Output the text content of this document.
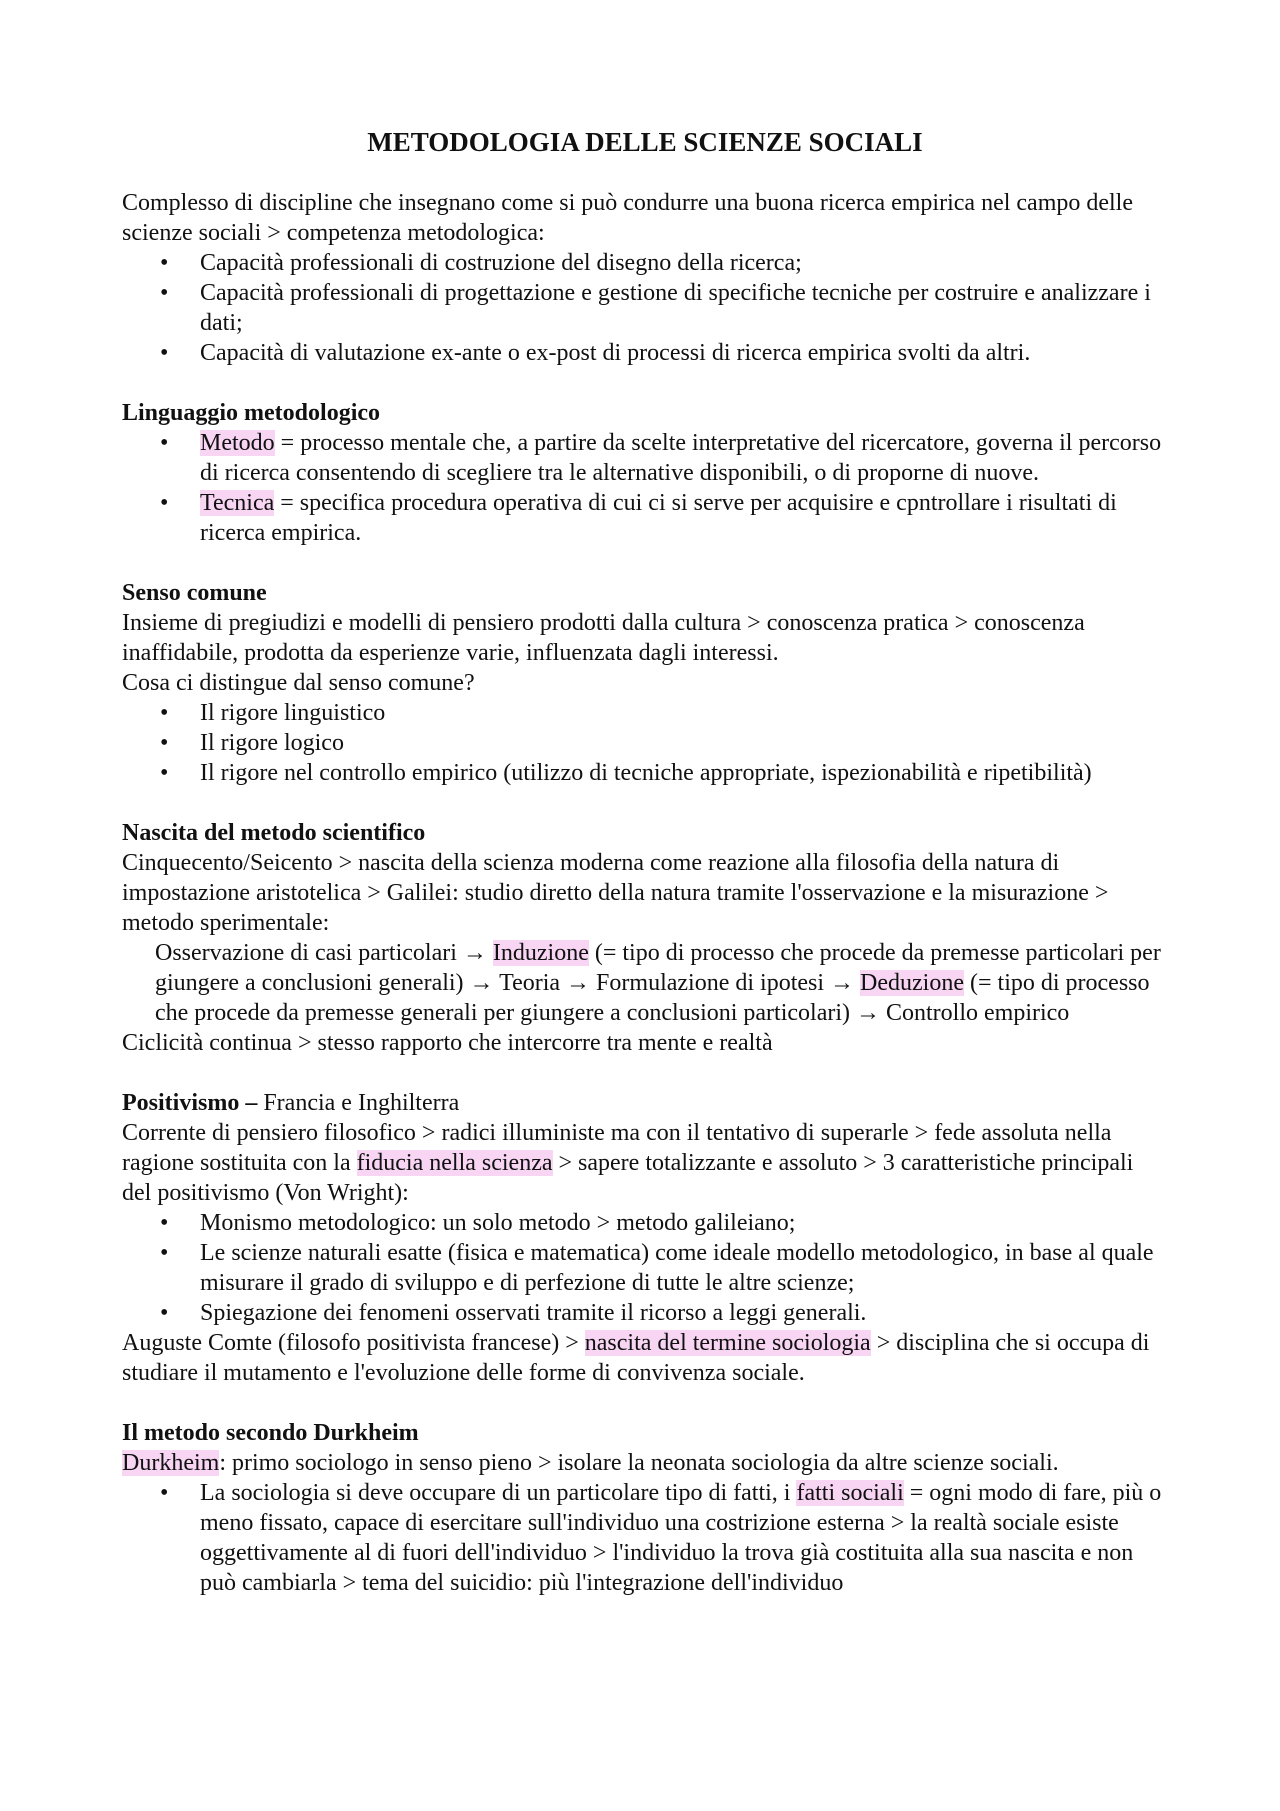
METODOLOGIA DELLE SCIENZE SOCIALI
Complesso di discipline che insegnano come si può condurre una buona ricerca empirica nel campo delle scienze sociali > competenza metodologica:
• Capacità professionali di costruzione del disegno della ricerca;
• Capacità professionali di progettazione e gestione di specifiche tecniche per costruire e analizzare i dati;
• Capacità di valutazione ex-ante o ex-post di processi di ricerca empirica svolti da altri.
Linguaggio metodologico
• Metodo = processo mentale che, a partire da scelte interpretative del ricercatore, governa il percorso di ricerca consentendo di scegliere tra le alternative disponibili, o di proporne di nuove.
• Tecnica = specifica procedura operativa di cui ci si serve per acquisire e cpntrollare i risultati di ricerca empirica.
Senso comune
Insieme di pregiudizi e modelli di pensiero prodotti dalla cultura > conoscenza pratica > conoscenza inaffidabile, prodotta da esperienze varie, influenzata dagli interessi.
Cosa ci distingue dal senso comune?
• Il rigore linguistico
• Il rigore logico
• Il rigore nel controllo empirico (utilizzo di tecniche appropriate, ispezionabilità e ripetibilità)
Nascita del metodo scientifico
Cinquecento/Seicento > nascita della scienza moderna come reazione alla filosofia della natura di impostazione aristotelica > Galilei: studio diretto della natura tramite l'osservazione e la misurazione > metodo sperimentale:
Osservazione di casi particolari → Induzione (= tipo di processo che procede da premesse particolari per giungere a conclusioni generali) → Teoria → Formulazione di ipotesi → Deduzione (= tipo di processo che procede da premesse generali per giungere a conclusioni particolari) → Controllo empirico
Ciclicità continua > stesso rapporto che intercorre tra mente e realtà
Positivismo – Francia e Inghilterra
Corrente di pensiero filosofico > radici illuministe ma con il tentativo di superarle > fede assoluta nella ragione sostituita con la fiducia nella scienza > sapere totalizzante e assoluto > 3 caratteristiche principali del positivismo (Von Wright):
• Monismo metodologico: un solo metodo > metodo galileiano;
• Le scienze naturali esatte (fisica e matematica) come ideale modello metodologico, in base al quale misurare il grado di sviluppo e di perfezione di tutte le altre scienze;
• Spiegazione dei fenomeni osservati tramite il ricorso a leggi generali.
Auguste Comte (filosofo positivista francese) > nascita del termine sociologia > disciplina che si occupa di studiare il mutamento e l'evoluzione delle forme di convivenza sociale.
Il metodo secondo Durkheim
Durkheim: primo sociologo in senso pieno > isolare la neonata sociologia da altre scienze sociali.
• La sociologia si deve occupare di un particolare tipo di fatti, i fatti sociali = ogni modo di fare, più o meno fissato, capace di esercitare sull'individuo una costrizione esterna > la realtà sociale esiste oggettivamente al di fuori dell'individuo > l'individuo la trova già costituita alla sua nascita e non può cambiarla > tema del suicidio: più l'integrazione dell'individuo
